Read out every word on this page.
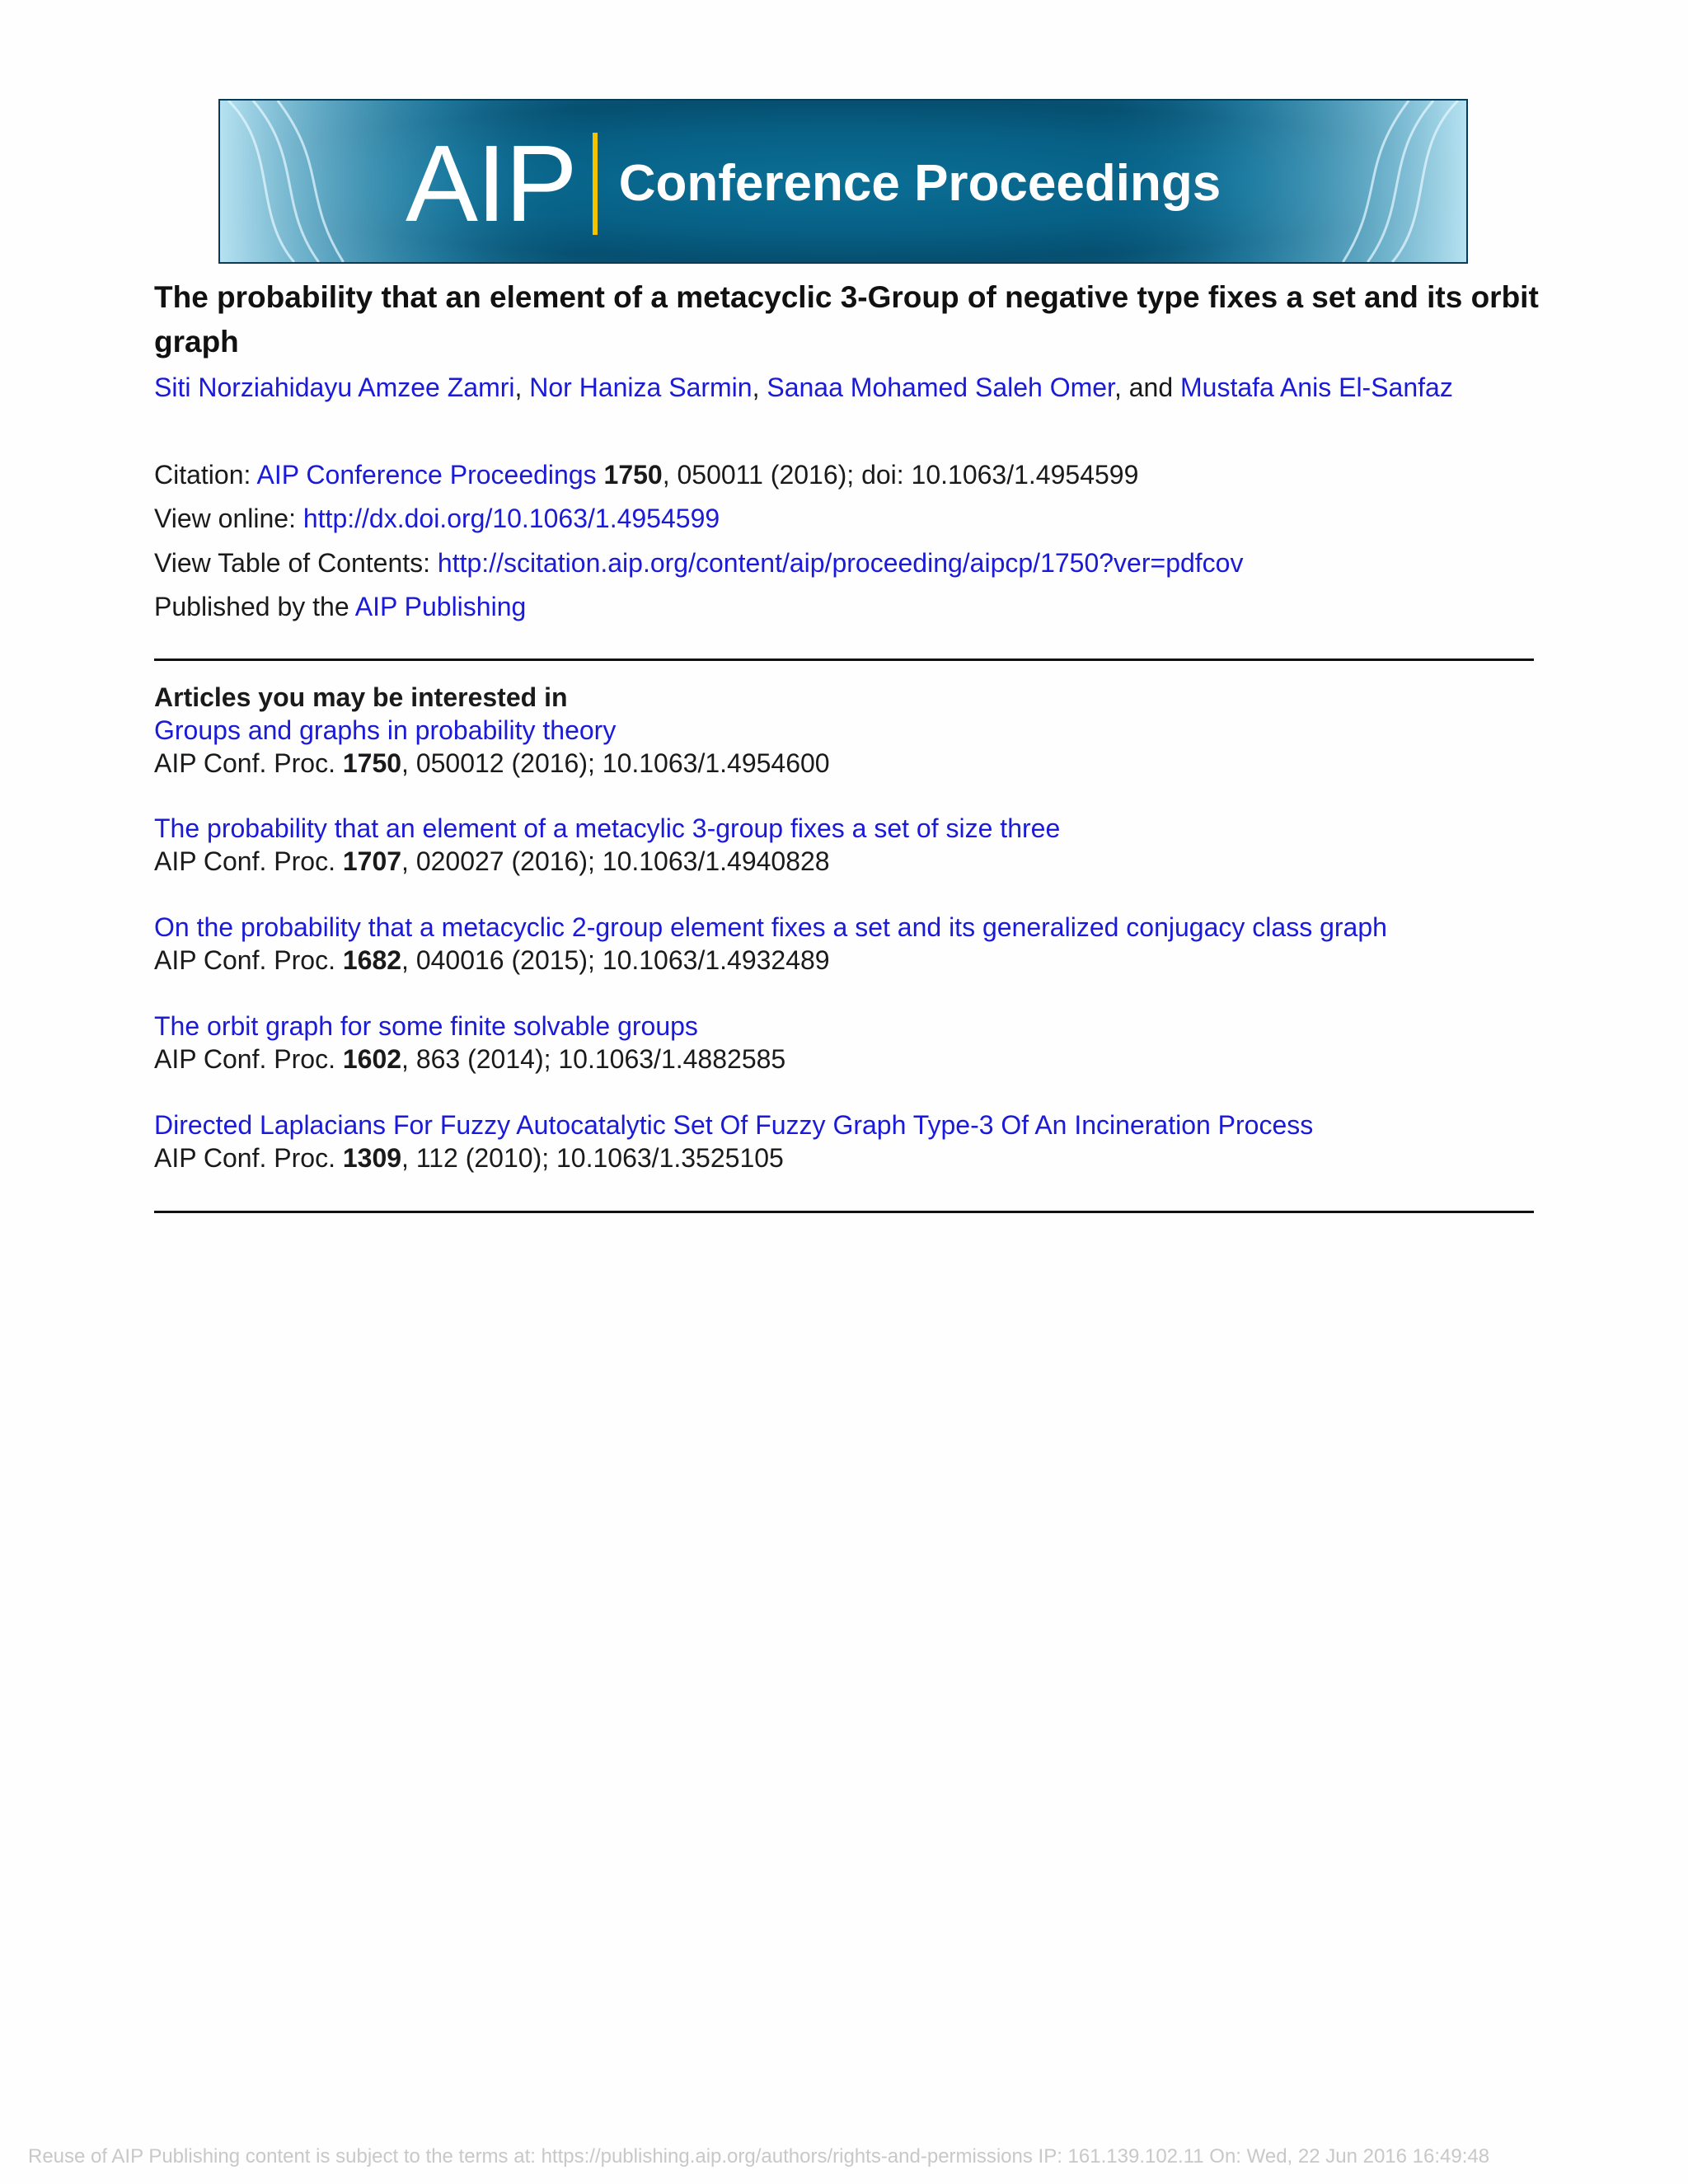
AIP Conference Proceedings
The probability that an element of a metacyclic 3-Group of negative type fixes a set and its orbit graph
Siti Norziahidayu Amzee Zamri, Nor Haniza Sarmin, Sanaa Mohamed Saleh Omer, and Mustafa Anis El-Sanfaz
Citation: AIP Conference Proceedings 1750, 050011 (2016); doi: 10.1063/1.4954599
View online: http://dx.doi.org/10.1063/1.4954599
View Table of Contents: http://scitation.aip.org/content/aip/proceeding/aipcp/1750?ver=pdfcov
Published by the AIP Publishing
Articles you may be interested in
Groups and graphs in probability theory
AIP Conf. Proc. 1750, 050012 (2016); 10.1063/1.4954600
The probability that an element of a metacylic 3-group fixes a set of size three
AIP Conf. Proc. 1707, 020027 (2016); 10.1063/1.4940828
On the probability that a metacyclic 2-group element fixes a set and its generalized conjugacy class graph
AIP Conf. Proc. 1682, 040016 (2015); 10.1063/1.4932489
The orbit graph for some finite solvable groups
AIP Conf. Proc. 1602, 863 (2014); 10.1063/1.4882585
Directed Laplacians For Fuzzy Autocatalytic Set Of Fuzzy Graph Type-3 Of An Incineration Process
AIP Conf. Proc. 1309, 112 (2010); 10.1063/1.3525105
Reuse of AIP Publishing content is subject to the terms at: https://publishing.aip.org/authors/rights-and-permissions IP: 161.139.102.11 On: Wed, 22 Jun 2016 16:49:48
